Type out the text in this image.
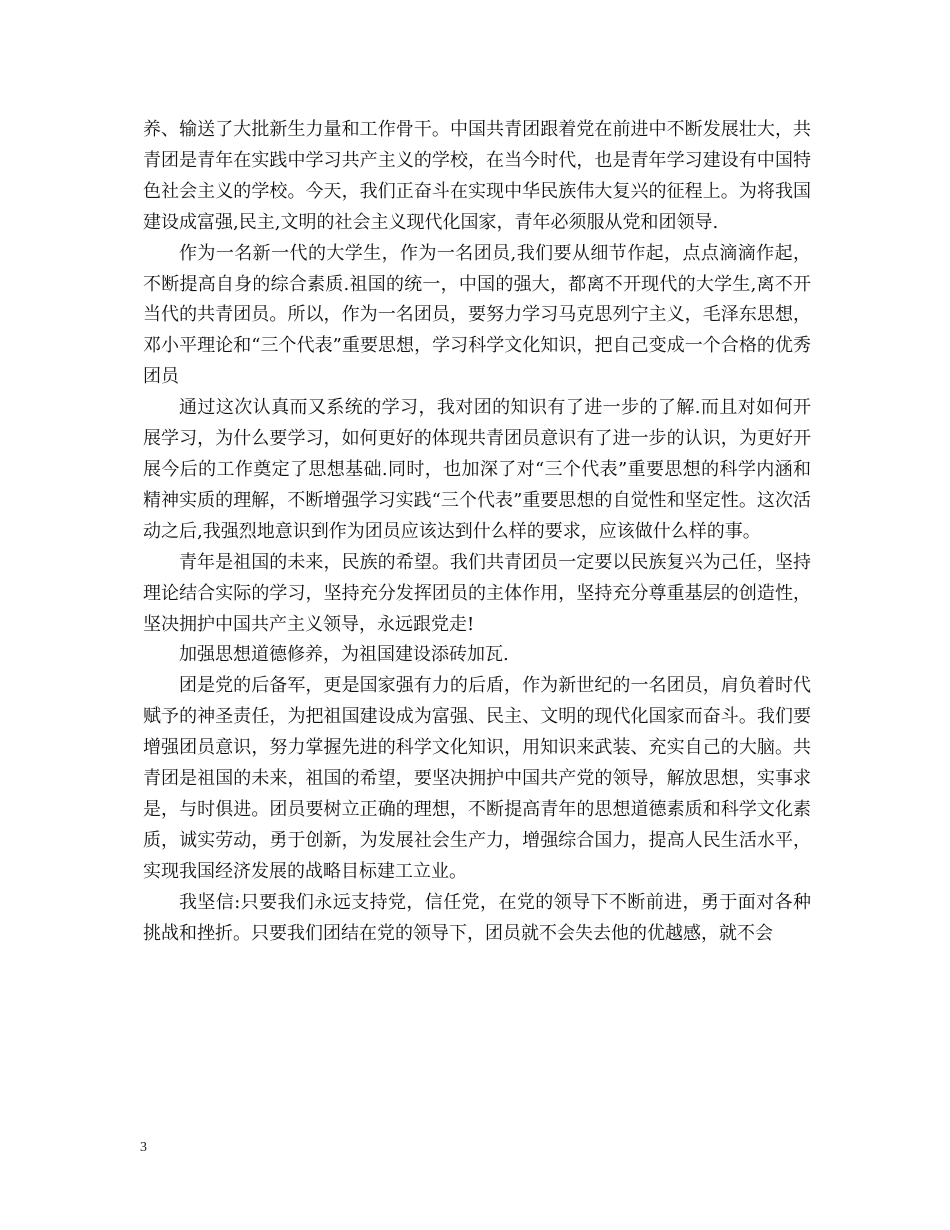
养、输送了大批新生力量和工作骨干。中国共青团跟着党在前进中不断发展壮大，共青团是青年在实践中学习共产主义的学校，在当今时代，也是青年学习建设有中国特色社会主义的学校。今天，我们正奋斗在实现中华民族伟大复兴的征程上。为将我国建设成富强,民主,文明的社会主义现代化国家，青年必须服从党和团领导.

作为一名新一代的大学生，作为一名团员,我们要从细节作起，点点滴滴作起，不断提高自身的综合素质.祖国的统一，中国的强大，都离不开现代的大学生,离不开当代的共青团员。所以，作为一名团员，要努力学习马克思列宁主义，毛泽东思想，邓小平理论和“三个代表”重要思想，学习科学文化知识，把自己变成一个合格的优秀团员

通过这次认真而又系统的学习，我对团的知识有了进一步的了解.而且对如何开展学习，为什么要学习，如何更好的体现共青团员意识有了进一步的认识，为更好开展今后的工作奠定了思想基础.同时，也加深了对“三个代表”重要思想的科学内涵和精神实质的理解，不断增强学习实践“三个代表”重要思想的自觉性和坚定性。这次活动之后,我强烈地意识到作为团员应该达到什么样的要求，应该做什么样的事。

青年是祖国的未来，民族的希望。我们共青团员一定要以民族复兴为己任，坚持理论结合实际的学习，坚持充分发挥团员的主体作用，坚持充分尊重基层的创造性，坚决拥护中国共产主义领导，永远跟党走!

加强思想道德修养，为祖国建设添砖加瓦.

团是党的后备军，更是国家强有力的后盾，作为新世纪的一名团员，肩负着时代赋予的神圣责任，为把祖国建设成为富强、民主、文明的现代化国家而奋斗。我们要增强团员意识，努力掌握先进的科学文化知识，用知识来武装、充实自己的大脑。共青团是祖国的未来，祖国的希望，要坚决拥护中国共产党的领导，解放思想，实事求是，与时俱进。团员要树立正确的理想，不断提高青年的思想道德素质和科学文化素质，诚实劳动，勇于创新，为发展社会生产力，增强综合国力，提高人民生活水平，实现我国经济发展的战略目标建工立业。

我坚信:只要我们永远支持党，信任党，在党的领导下不断前进，勇于面对各种挑战和挫折。只要我们团结在党的领导下，团员就不会失去他的优越感，就不会

3
